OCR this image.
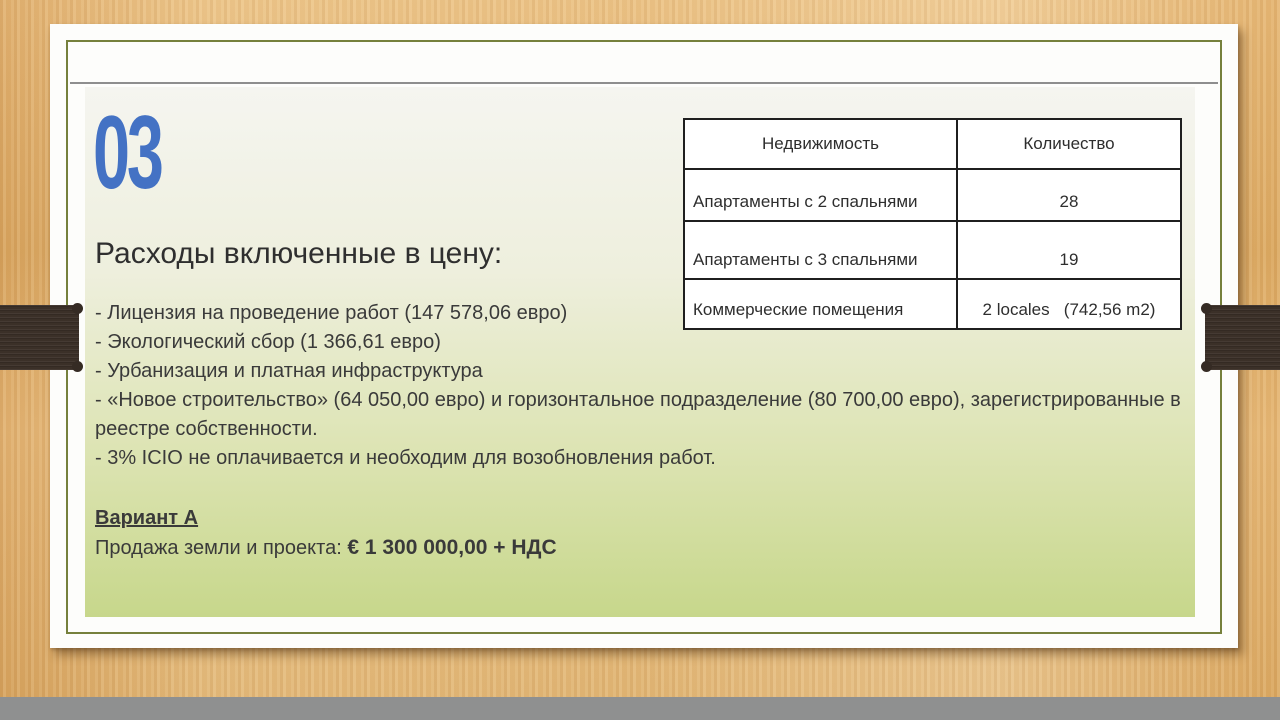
03
Расходы включенные в цену:
- Лицензия на проведение работ (147 578,06 евро)
- Экологический сбор (1 366,61 евро)
- Урбанизация и платная инфраструктура
- «Новое строительство» (64 050,00 евро) и горизонтальное подразделение (80 700,00 евро), зарегистрированные в реестре собственности.
- 3% ICIO не оплачивается и необходим для возобновления работ.
Вариант А
Продажа земли и проекта: € 1 300 000,00 + НДС
Недвижимость	Количество
Апартаменты с 2 спальнями	28
Апартаменты с 3 спальнями	19
Коммерческие помещения	2 locales   (742,56 m2)
